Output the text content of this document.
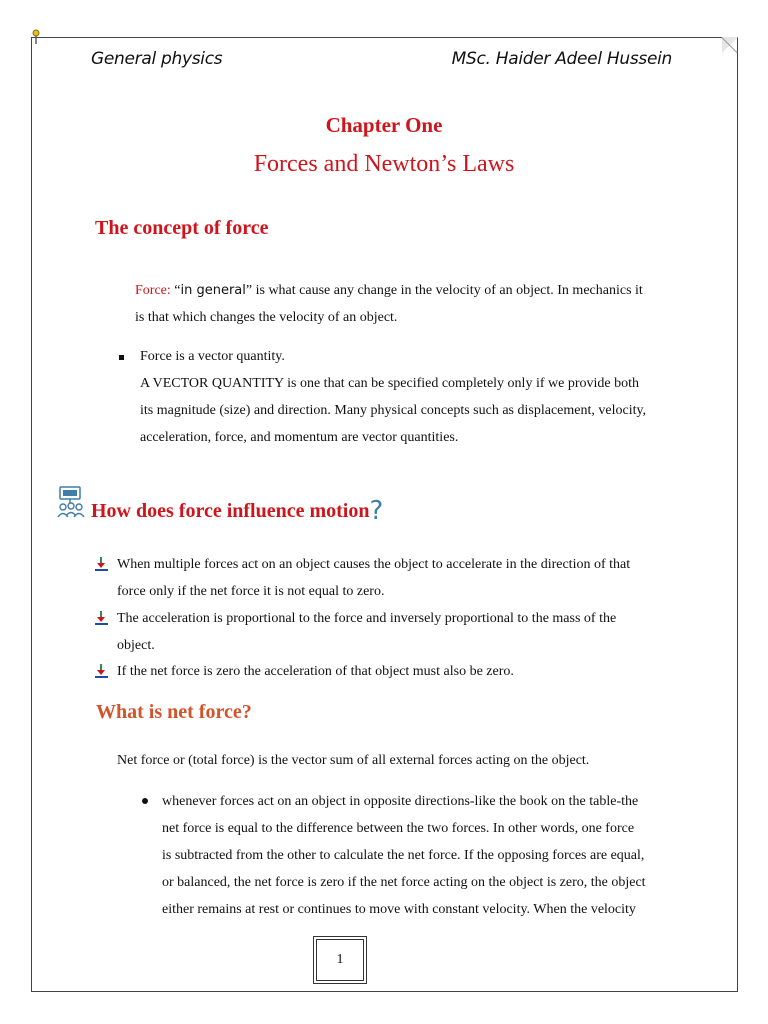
General physics	MSc. Haider Adeel Hussein
Chapter One
Forces and Newton’s Laws
The concept of force
Force: “in general” is what cause any change in the velocity of an object. In mechanics it
is that which changes the velocity of an object.
Force is a vector quantity.
A VECTOR QUANTITY is one that can be specified completely only if we provide both
its magnitude (size) and direction. Many physical concepts such as displacement, velocity,
acceleration, force, and momentum are vector quantities.
How does force influence motion?
When multiple forces act on an object causes the object to accelerate in the direction of that
force only if the net force it is not equal to zero.
The acceleration is proportional to the force and inversely proportional to the mass of the
object.
If the net force is zero the acceleration of that object must also be zero.
What is net force?
Net force or (total force) is the vector sum of all external forces acting on the object.
whenever forces act on an object in opposite directions-like the book on the table-the
net force is equal to the difference between the two forces. In other words, one force
is subtracted from the other to calculate the net force. If the opposing forces are equal,
or balanced, the net force is zero if the net force acting on the object is zero, the object
either remains at rest or continues to move with constant velocity. When the velocity
1
